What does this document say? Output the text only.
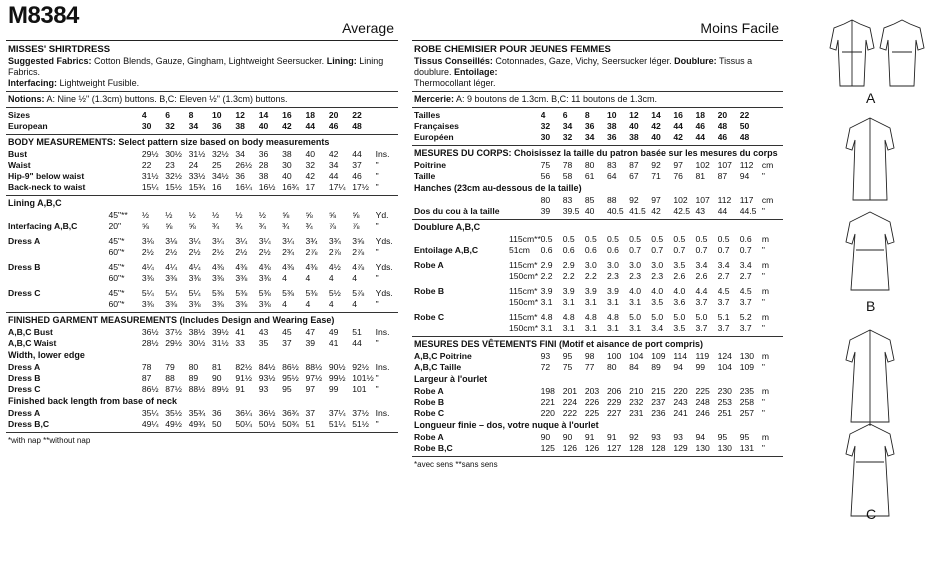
M8384	Average
MISSES' SHIRTDRESS
Suggested Fabrics: Cotton Blends, Gauze, Gingham, Lightweight Seersucker. Lining: Lining Fabrics.
Interfacing: Lightweight Fusible.
Notions: A: Nine ½" (1.3cm) buttons. B,C: Eleven ½" (1.3cm) buttons.
Sizes		4	6	8	10	12	14	16	18	20	22	
European		30	32	34	36	38	40	42	44	46	48	
BODY MEASUREMENTS: Select pattern size based on body measurements
Bust		29½	30½	31½	32½	34	36	38	40	42	44	Ins.
Waist		22	23	24	25	26½	28	30	32	34	37	"
Hip-9" below waist		31½	32½	33½	34½	36	38	40	42	44	46	"
Back-neck to waist		15¼	15½	15¾	16	16¼	16½	16¾	17	17¼	17½	"
Lining A,B,C
	45"**	½	½	½	½	½	½	⅝	⅝	⅝	⅝	Yd.
Interfacing A,B,C	20"	⅝	⅝	⅝	¾	¾	¾	¾	¾	⅞	⅞	"
Dress A	45"*	3⅛	3⅛	3¼	3¼	3¼	3¼	3¼	3¾	3¾	3⅝	Yds.
	60"*	2½	2½	2½	2½	2½	2½	2¾	2⅞	2⅞	2⅞	"
Dress B	45"*	4¼	4¼	4¼	4⅜	4⅜	4⅜	4⅜	4⅜	4½	4⅞	Yds.
	60"*	3⅜	3⅜	3⅜	3⅜	3⅜	3⅜	4	4	4	4	"
Dress C	45"*	5¼	5¼	5¼	5⅜	5⅜	5⅜	5⅜	5⅜	5½	5⅞	Yds.
	60"*	3⅜	3⅜	3⅜	3⅜	3⅜	3⅜	4	4	4	4	"
FINISHED GARMENT MEASUREMENTS (Includes Design and Wearing Ease)
A,B,C Bust		36½	37½	38½	39½	41	43	45	47	49	51	Ins.
A,B,C Waist		28½	29½	30½	31½	33	35	37	39	41	44	"
Width, lower edge
Dress A		78	79	80	81	82½	84½	86½	88½	90½	92½	Ins.
Dress B		87	88	89	90	91½	93½	95½	97½	99½	101½	"
Dress C		86½	87½	88½	89½	91	93	95	97	99	101	"
Finished back length from base of neck
Dress A		35¼	35½	35¾	36	36¼	36½	36¾	37	37¼	37½	Ins.
Dress B,C		49¼	49½	49¾	50	50¼	50½	50¾	51	51¼	51½	"
*with nap **without nap
Moins Facile
ROBE CHEMISIER POUR JEUNES FEMMES
Tissus Conseillés: Cotonnades, Gaze, Vichy, Seersucker léger. Doublure: Tissus a doublure. Entoilage:
Thermocollant léger.
Mercerie: A: 9 boutons de 1.3cm. B,C: 11 boutons de 1.3cm.
Tailles		4	6	8	10	12	14	16	18	20	22	
Françaises		32	34	36	38	40	42	44	46	48	50	
Européen		30	32	34	36	38	40	42	44	46	48	
MESURES DU CORPS: Choisissez la taille du patron basée sur les mesures du corps
Poitrine		75	78	80	83	87	92	97	102	107	112	cm
Taille		56	58	61	64	67	71	76	81	87	94	"
Hanches (23cm au-dessous de la taille)
		80	83	85	88	92	97	102	107	112	117	cm
Dos du cou à la taille		39	39.5	40	40.5	41.5	42	42.5	43	44	44.5	"
Doublure A,B,C
	115cm**	0.5	0.5	0.5	0.5	0.5	0.5	0.5	0.5	0.5	0.6	m
Entoilage A,B,C	51cm	0.6	0.6	0.6	0.6	0.7	0.7	0.7	0.7	0.7	0.7	"
Robe A	115cm*	2.9	2.9	3.0	3.0	3.0	3.0	3.5	3.4	3.4	3.4	m
	150cm*	2.2	2.2	2.2	2.3	2.3	2.3	2.6	2.6	2.7	2.7	"
Robe B	115cm*	3.9	3.9	3.9	3.9	4.0	4.0	4.0	4.4	4.5	4.5	m
	150cm*	3.1	3.1	3.1	3.1	3.1	3.5	3.6	3.7	3.7	3.7	"
Robe C	115cm*	4.8	4.8	4.8	4.8	5.0	5.0	5.0	5.0	5.1	5.2	m
	150cm*	3.1	3.1	3.1	3.1	3.1	3.4	3.5	3.7	3.7	3.7	"
MESURES DES VÊTEMENTS FINI (Motif et aisance de port compris)
A,B,C Poitrine		93	95	98	100	104	109	114	119	124	130	m
A,B,C Taille		72	75	77	80	84	89	94	99	104	109	"
Largeur à l'ourlet
Robe A		198	201	203	206	210	215	220	225	230	235	m
Robe B		221	224	226	229	232	237	243	248	253	258	"
Robe C		220	222	225	227	231	236	241	246	251	257	"
Longueur finie – dos, votre nuque à l'ourlet
Robe A		90	90	91	91	92	93	93	94	95	95	m
Robe B,C		125	126	126	127	128	128	129	130	130	131	"
*avec sens **sans sens
A
B
C
